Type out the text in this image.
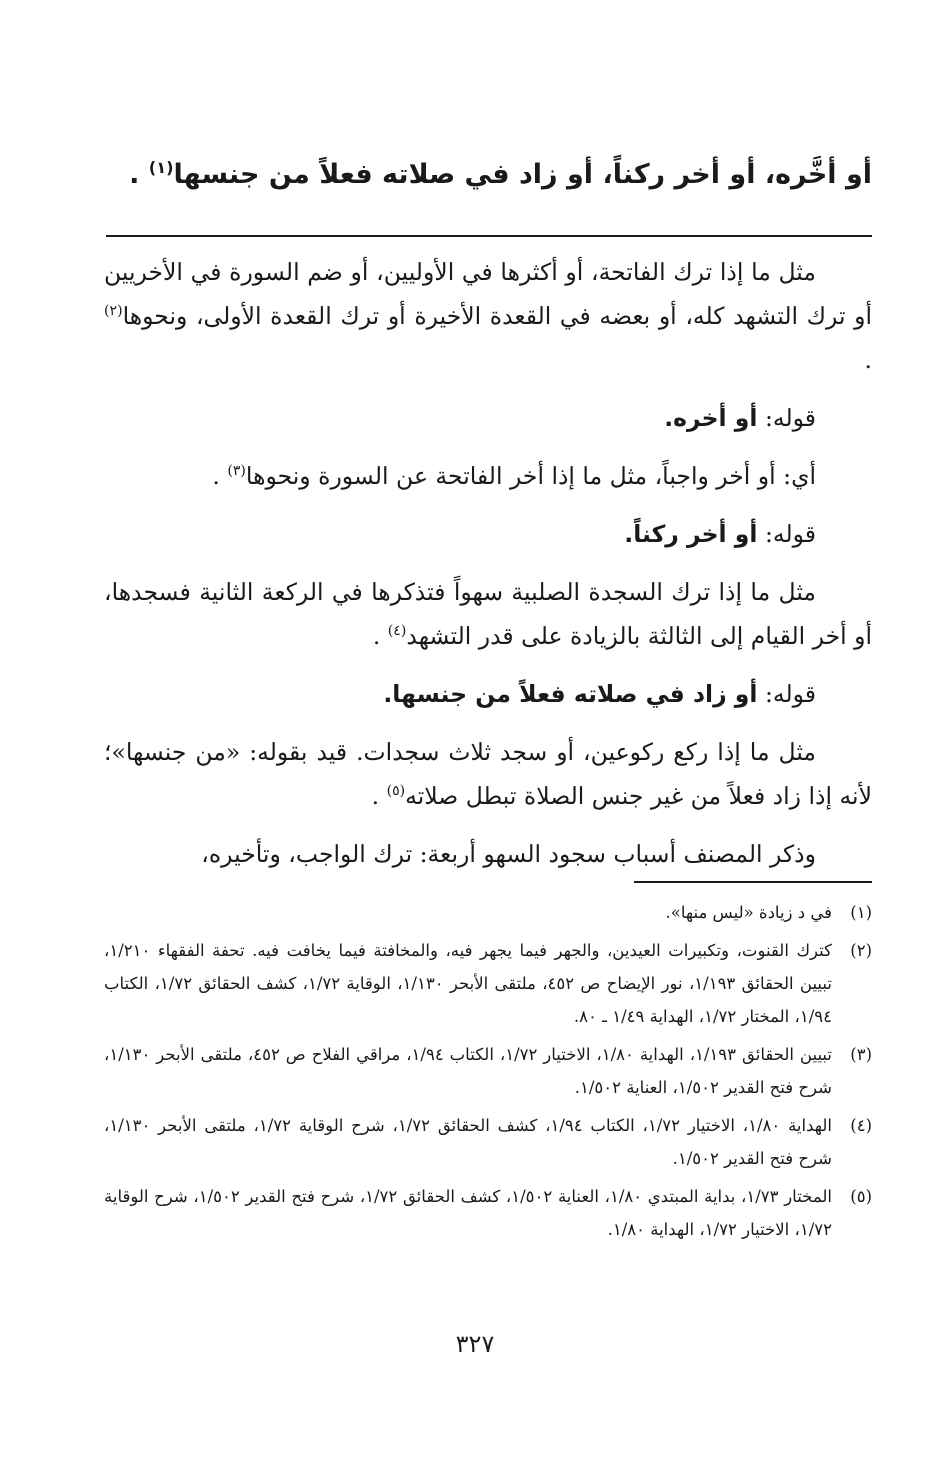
أو أخَّره، أو أخر ركناً، أو زاد في صلاته فعلاً من جنسها$^{(١)}$ .

مثل ما إذا ترك الفاتحة، أو أكثرها في الأوليين، أو ضم السورة في الأخريين أو ترك التشهد كله، أو بعضه في القعدة الأخيرة أو ترك القعدة الأولى، ونحوها$^{(٢)}$ .

قوله: أو أخره.

أي: أو أخر واجباً، مثل ما إذا أخر الفاتحة عن السورة ونحوها$^{(٣)}$ .

قوله: أو أخر ركناً.

مثل ما إذا ترك السجدة الصلبية سهواً فتذكرها في الركعة الثانية فسجدها، أو أخر القيام إلى الثالثة بالزيادة على قدر التشهد$^{(٤)}$ .

قوله: أو زاد في صلاته فعلاً من جنسها.

مثل ما إذا ركع ركوعين، أو سجد ثلاث سجدات. قيد بقوله: «من جنسها»؛ لأنه إذا زاد فعلاً من غير جنس الصلاة تبطل صلاته$^{(٥)}$ .

وذكر المصنف أسباب سجود السهو أربعة: ترك الواجب، وتأخيره،

(١)
في د زيادة «ليس منها».
(٢)
كترك القنوت، وتكبيرات العيدين، والجهر فيما يجهر فيه، والمخافتة فيما يخافت فيه. تحفة الفقهاء ١/٢١٠، تبيين الحقائق ١/١٩٣، نور الإيضاح ص ٤٥٢، ملتقى الأبحر ١/١٣٠، الوقاية ١/٧٢، كشف الحقائق ١/٧٢، الكتاب ١/٩٤، المختار ١/٧٢، الهداية ١/٤٩ ـ ٨٠.
(٣)
تبيين الحقائق ١/١٩٣، الهداية ١/٨٠، الاختيار ١/٧٢، الكتاب ١/٩٤، مراقي الفلاح ص ٤٥٢، ملتقى الأبحر ١/١٣٠، شرح فتح القدير ١/٥٠٢، العناية ١/٥٠٢.
(٤)
الهداية ١/٨٠، الاختيار ١/٧٢، الكتاب ١/٩٤، كشف الحقائق ١/٧٢، شرح الوقاية ١/٧٢، ملتقى الأبحر ١/١٣٠، شرح فتح القدير ١/٥٠٢.
(٥)
المختار ١/٧٣، بداية المبتدي ١/٨٠، العناية ١/٥٠٢، كشف الحقائق ١/٧٢، شرح فتح القدير ١/٥٠٢، شرح الوقاية ١/٧٢، الاختيار ١/٧٢، الهداية ١/٨٠.
٣٢٧
